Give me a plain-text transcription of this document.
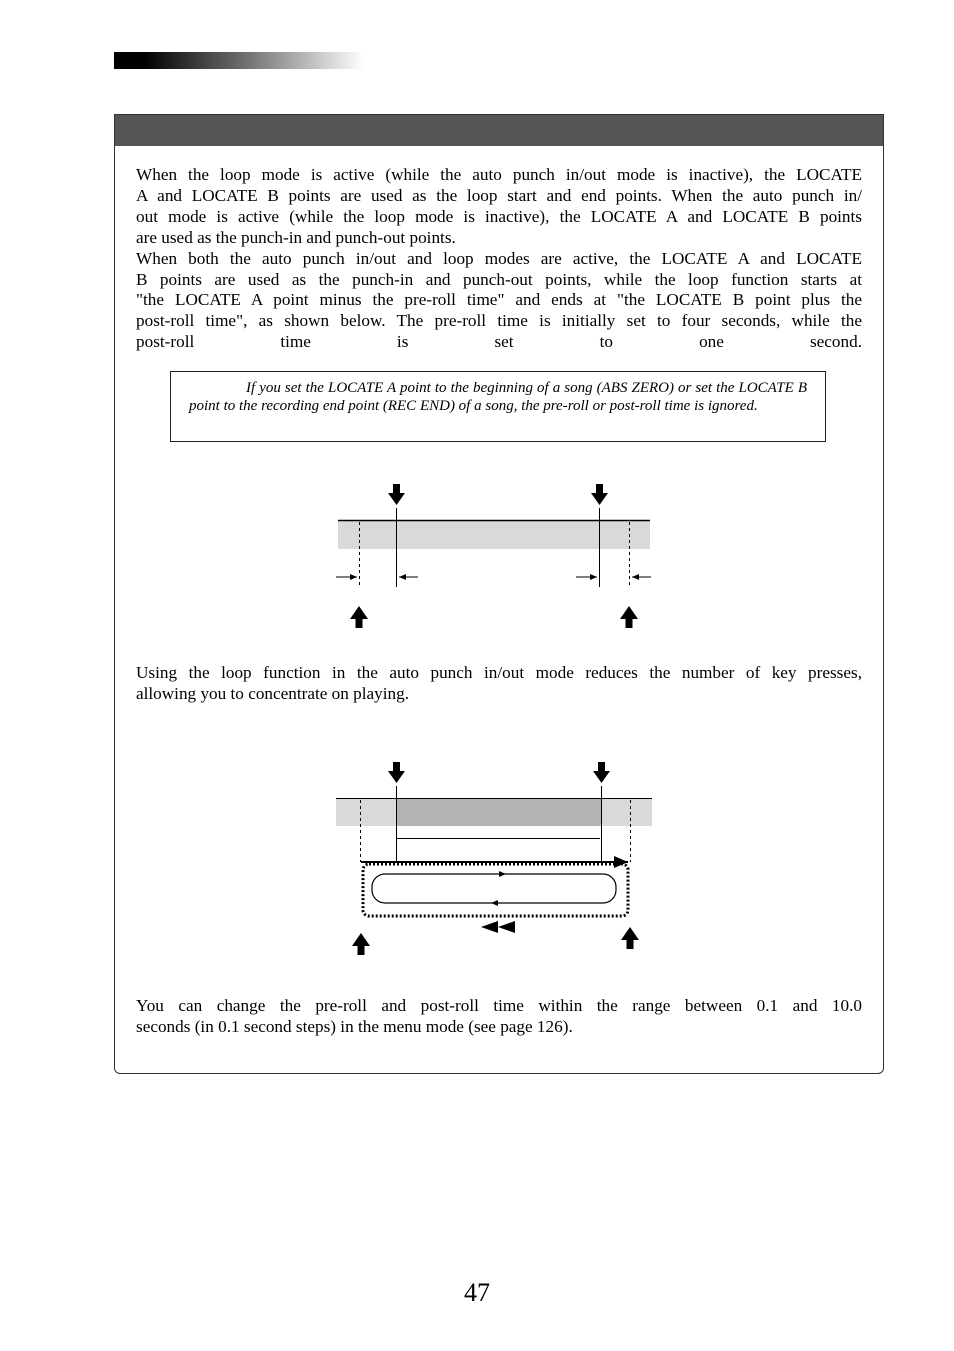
When the loop mode is active (while the auto punch in/out mode is inactive), the LOCATE
A and LOCATE B points are used as the loop start and end points. When the auto punch in/
out mode is active (while the loop mode is inactive), the LOCATE A and LOCATE B points
are used as the punch-in and punch-out points.
When both the auto punch in/out and loop modes are active, the LOCATE A and LOCATE
B points are used as the punch-in and punch-out points, while the loop function starts at
"the LOCATE A point minus the pre-roll time" and ends at "the LOCATE B point plus the
post-roll time", as shown below. The pre-roll time is initially set to four seconds, while the
post-roll time is set to one second.

If you set the LOCATE A point to the beginning of a song (ABS ZERO) or set the LOCATE B point to the recording end point (REC END) of a song, the pre-roll or post-roll time is ignored.

Using the loop function in the auto punch in/out mode reduces the number of key presses,
allowing you to concentrate on playing.

You can change the pre-roll and post-roll time within the range between 0.1 and 10.0
seconds (in 0.1 second steps) in the menu mode (see page 126).

47
